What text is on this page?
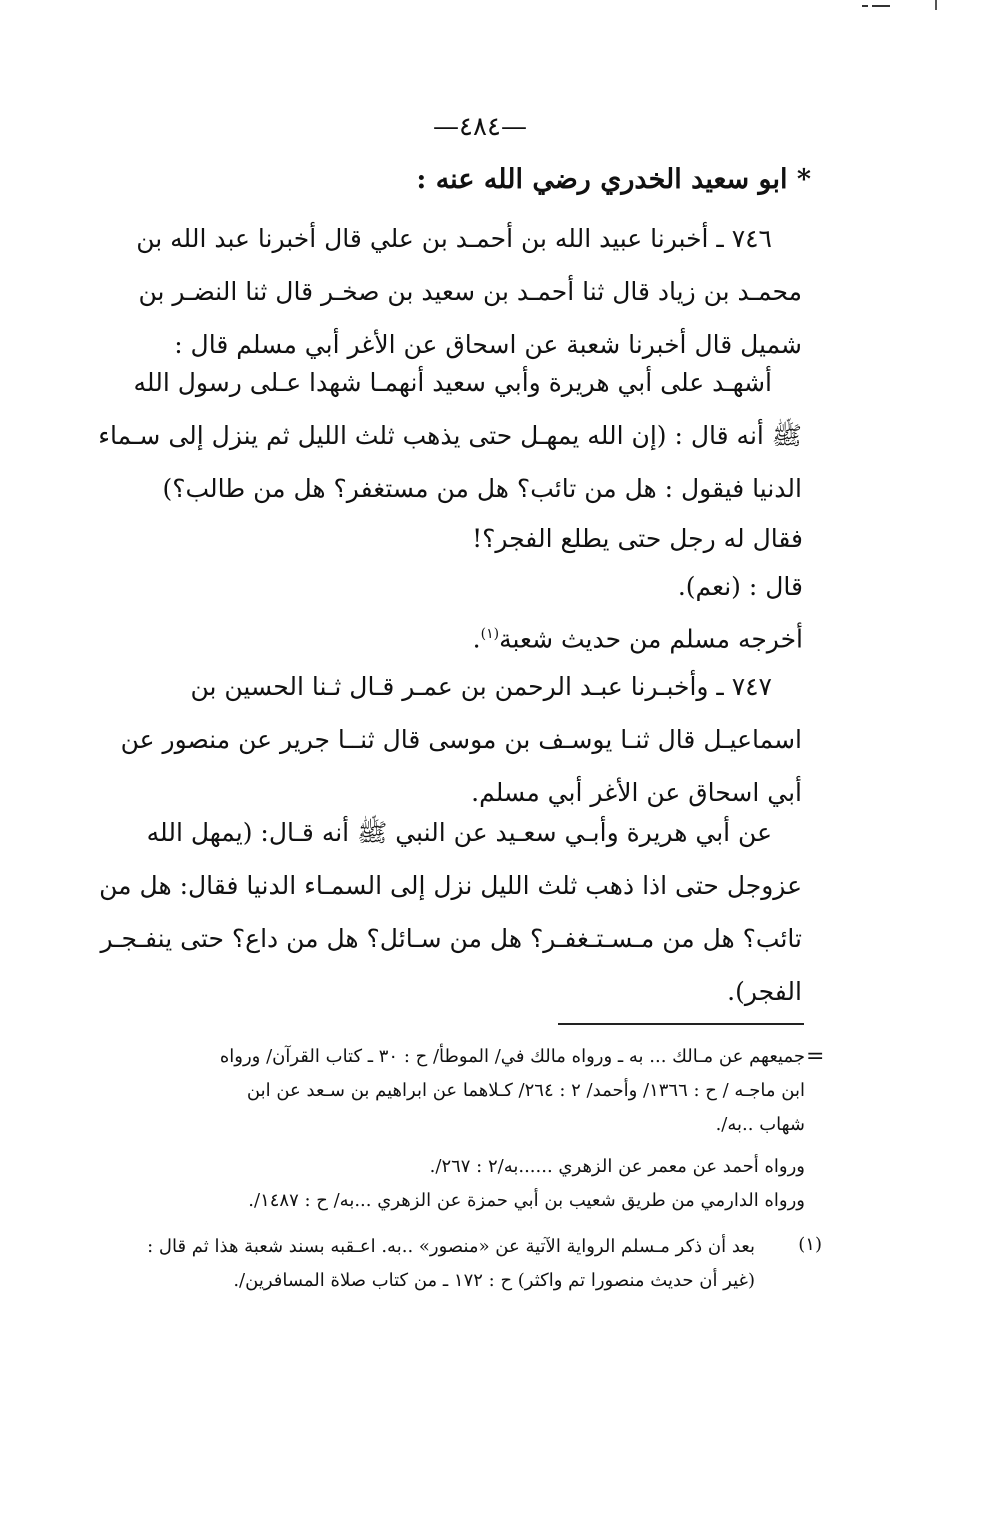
—٤٨٤—
* ابو سعيد الخدري رضي الله عنه :
٧٤٦ ـ أخبرنا عبيد الله بن أحمـد بن علي قال أخبرنا عبد الله بن
محمـد بن زياد قال ثنا أحمـد بن سعيد بن صخـر قال ثنا النضـر بن
شميل قال أخبرنا شعبة عن اسحاق عن الأغر أبي مسلم قال :
أشهـد على أبي هريرة وأبي سعيد أنهمـا شهدا عـلى رسول الله
ﷺ أنه قال : (إن الله يمهـل حتى يذهب ثلث الليل ثم ينزل إلى سـماء
الدنيا فيقول : هل من تائب؟ هل من مستغفر؟ هل من طالب؟)
فقال له رجل حتى يطلع الفجر؟!
قال : (نعم).
أخرجه مسلم من حديث شعبة$^{(١)}$.
٧٤٧ ـ وأخبـرنا عبـد الرحمن بن عمـر قـال ثـنا الحسين بن
اسماعيـل قال ثنـا يوسـف بن موسى قال ثنــا جرير عن منصور عن
أبي اسحاق عن الأغر أبي مسلم.
عن أبي هريرة وأبـي سعـيد عن النبي ﷺ أنه قـال: (يمهل الله
عزوجل حتى اذا ذهب ثلث الليل نزل إلى السمـاء الدنيا فقال: هل من
تائب؟ هل من مـسـتـغفـر؟ هل من سـائل؟ هل من داع؟ حتى ينفـجـر
الفجر).
=
جميعهم عن مـالك ... به ـ ورواه مالك في/ الموطأ/ ح : ٣٠ ـ كتاب القرآن/ ورواه
ابن ماجـه / ح : ١٣٦٦/ وأحمد/ ٢ : ٢٦٤/ كـلاهما عن ابراهيم بن سـعد عن ابن
شهاب ..به/.
ورواه أحمد عن معمر عن الزهري ......به/٢ : ٢٦٧/.
ورواه الدارمي من طريق شعيب بن أبي حمزة عن الزهري ...به/ ح : ١٤٨٧/.
(١)
بعد أن ذكر مـسلم الرواية الآتية عن «منصور» ..به. اعـقبه بسند شعبة هذا ثم قال :
(غير أن حديث منصورا تم واكثر) ح : ١٧٢ ـ من كتاب صلاة المسافرين/.
